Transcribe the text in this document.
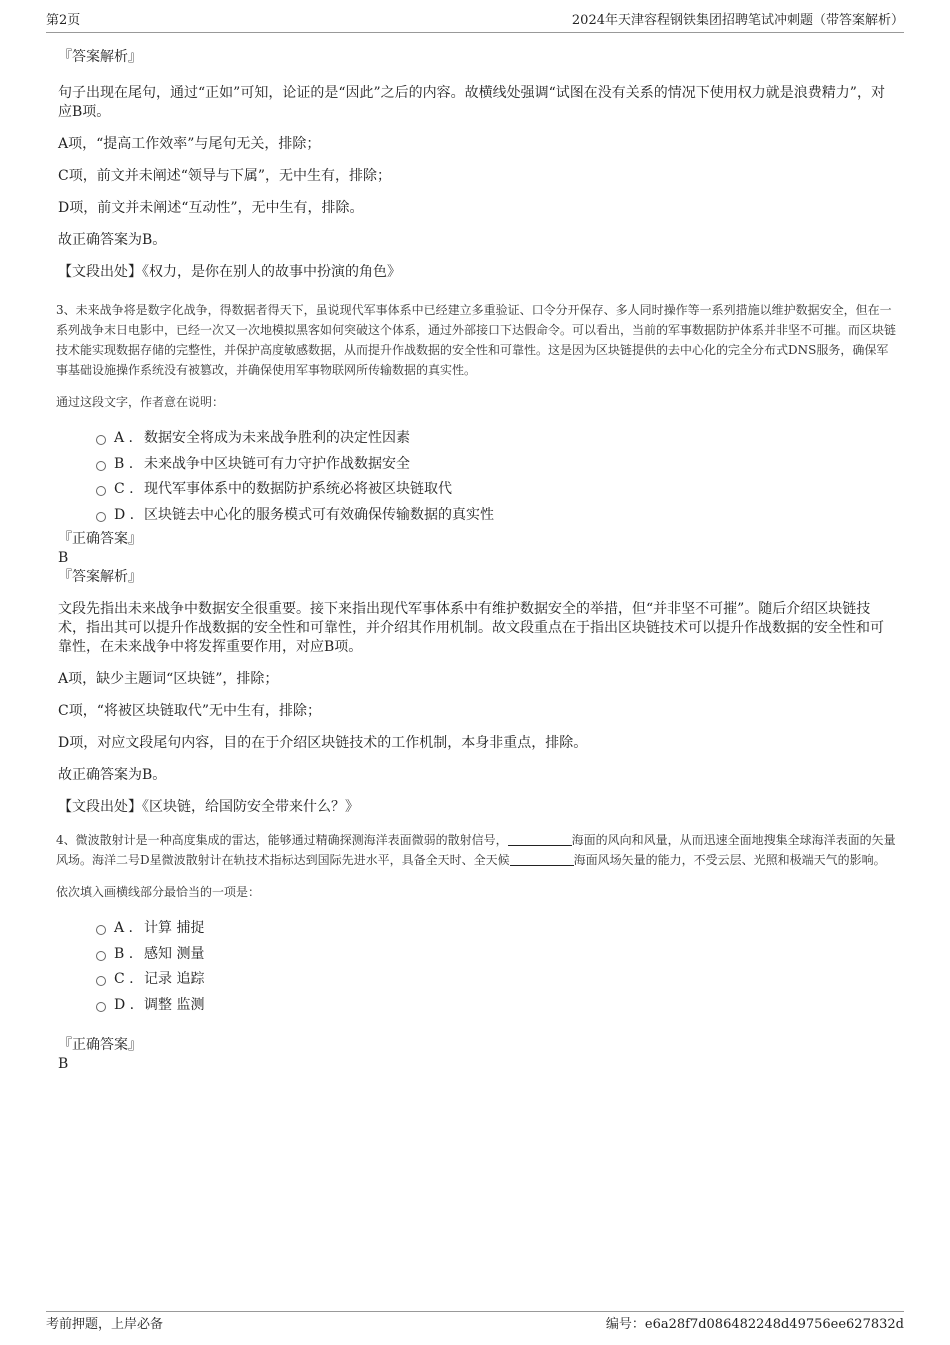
第2页	2024年天津容程钢铁集团招聘笔试冲刺题（带答案解析）

『答案解析』

句子出现在尾句，通过“正如”可知，论证的是“因此”之后的内容。故横线处强调“试图在没有关系的情况下使用权力就是浪费精力”，对应B项。

A项，“提高工作效率”与尾句无关，排除；

C项，前文并未阐述“领导与下属”，无中生有，排除；

D项，前文并未阐述“互动性”，无中生有，排除。

故正确答案为B。

【文段出处】《权力，是你在别人的故事中扮演的角色》

3、未来战争将是数字化战争，得数据者得天下，虽说现代军事体系中已经建立多重验证、口令分开保存、多人同时操作等一系列措施以维护数据安全，但在一系列战争末日电影中，已经一次又一次地模拟黑客如何突破这个体系，通过外部接口下达假命令。可以看出，当前的军事数据防护体系并非坚不可摧。而区块链技术能实现数据存储的完整性，并保护高度敏感数据，从而提升作战数据的安全性和可靠性。这是因为区块链提供的去中心化的完全分布式DNS服务，确保军事基础设施操作系统没有被篡改，并确保使用军事物联网所传输数据的真实性。

通过这段文字，作者意在说明：

A . 数据安全将成为未来战争胜利的决定性因素
B . 未来战争中区块链可有力守护作战数据安全
C . 现代军事体系中的数据防护系统必将被区块链取代
D . 区块链去中心化的服务模式可有效确保传输数据的真实性

『正确答案』

B

『答案解析』

文段先指出未来战争中数据安全很重要。接下来指出现代军事体系中有维护数据安全的举措，但“并非坚不可摧”。随后介绍区块链技术，指出其可以提升作战数据的安全性和可靠性，并介绍其作用机制。故文段重点在于指出区块链技术可以提升作战数据的安全性和可靠性，在未来战争中将发挥重要作用，对应B项。

A项，缺少主题词“区块链”，排除；

C项，“将被区块链取代”无中生有，排除；

D项，对应文段尾句内容，目的在于介绍区块链技术的工作机制，本身非重点，排除。

故正确答案为B。

【文段出处】《区块链，给国防安全带来什么？》

4、微波散射计是一种高度集成的雷达，能够通过精确探测海洋表面微弱的散射信号，	海面的风向和风量，从而迅速全面地搜集全球海洋表面的矢量风场。海洋二号D星微波散射计在轨技术指标达到国际先进水平，具备全天时、全天候	海面风场矢量的能力，不受云层、光照和极端天气的影响。

依次填入画横线部分最恰当的一项是：

A . 计算 捕捉
B . 感知 测量
C . 记录 追踪
D . 调整 监测

『正确答案』

B

考前押题，上岸必备	编号：e6a28f7d086482248d49756ee627832d
